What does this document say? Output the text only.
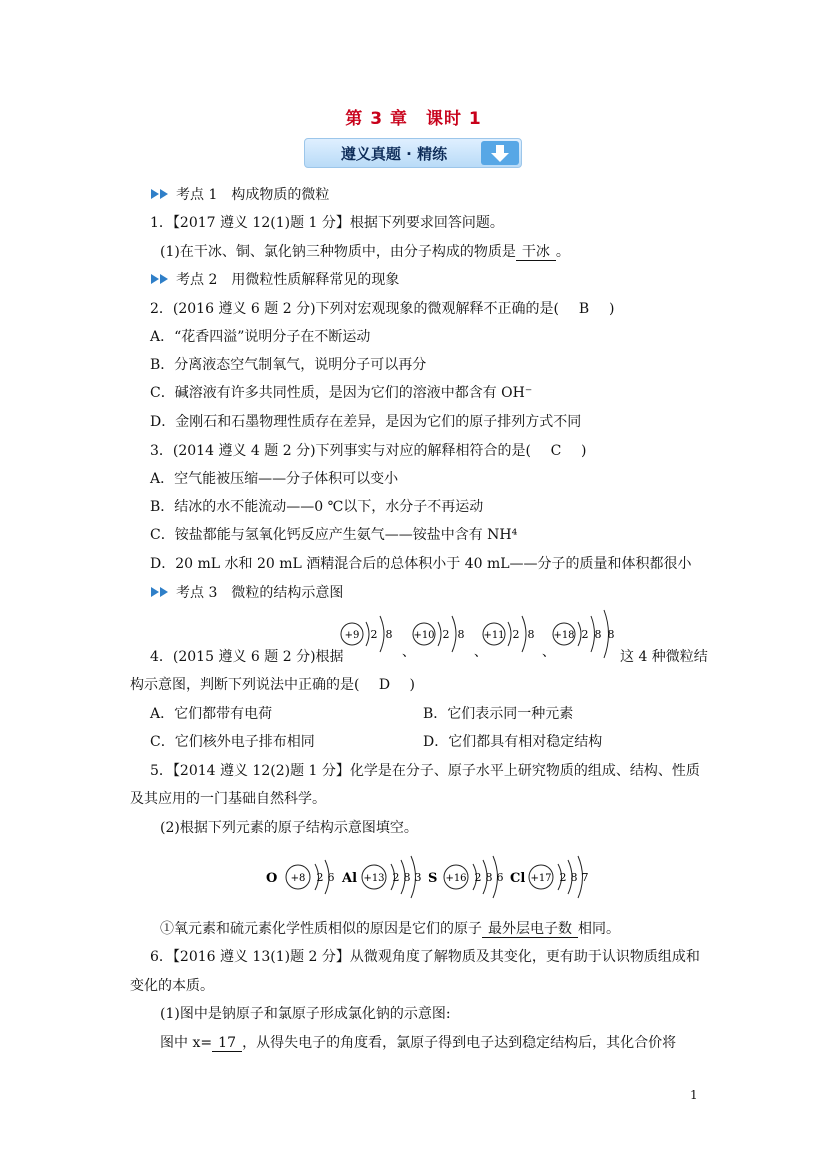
第 3 章　课时 1
遵义真题 · 精练
考点 1　构成物质的微粒
1．【2017 遵义 12(1)题 1 分】根据下列要求回答问题。
(1)在干冰、铜、氯化钠三种物质中，由分子构成的物质是 干冰 。
考点 2　用微粒性质解释常见的现象
2．(2016 遵义 6 题 2 分)下列对宏观现象的微观解释不正确的是( B )
A．“花香四溢”说明分子在不断运动
B．分离液态空气制氧气，说明分子可以再分
C．碱溶液有许多共同性质，是因为它们的溶液中都含有 OH⁻
D．金刚石和石墨物理性质存在差异，是因为它们的原子排列方式不同
3．(2014 遵义 4 题 2 分)下列事实与对应的解释相符合的是( C )
A．空气能被压缩——分子体积可以变小
B．结冰的水不能流动——0 ℃以下，水分子不再运动
C．铵盐都能与氢氧化钙反应产生氨气——铵盐中含有 NH⁴
D．20 mL 水和 20 mL 酒精混合后的总体积小于 40 mL——分子的质量和体积都很小
考点 3　微粒的结构示意图
4．(2015 遵义 6 题 2 分)根据
+9 2 8
、
+10 2 8
、
+11 2 8
、
+18 2 8 8
这 4 种微粒结
构示意图，判断下列说法中正确的是( D )
A．它们都带有电荷	B．它们表示同一种元素
C．它们核外电子排布相同	D．它们都具有相对稳定结构
5．【2014 遵义 12(2)题 1 分】化学是在分子、原子水平上研究物质的组成、结构、性质
及其应用的一门基础自然科学。
(2)根据下列元素的原子结构示意图填空。
O +8 2 6 Al +13 2 8 3 S +16 2 8 6 Cl +17 2 8 7
①氧元素和硫元素化学性质相似的原因是它们的原子 最外层电子数 相同。
6．【2016 遵义 13(1)题 2 分】从微观角度了解物质及其变化，更有助于认识物质组成和
变化的本质。
(1)图中是钠原子和氯原子形成氯化钠的示意图:
图中 x= 17 ，从得失电子的角度看，氯原子得到电子达到稳定结构后，其化合价将
1
